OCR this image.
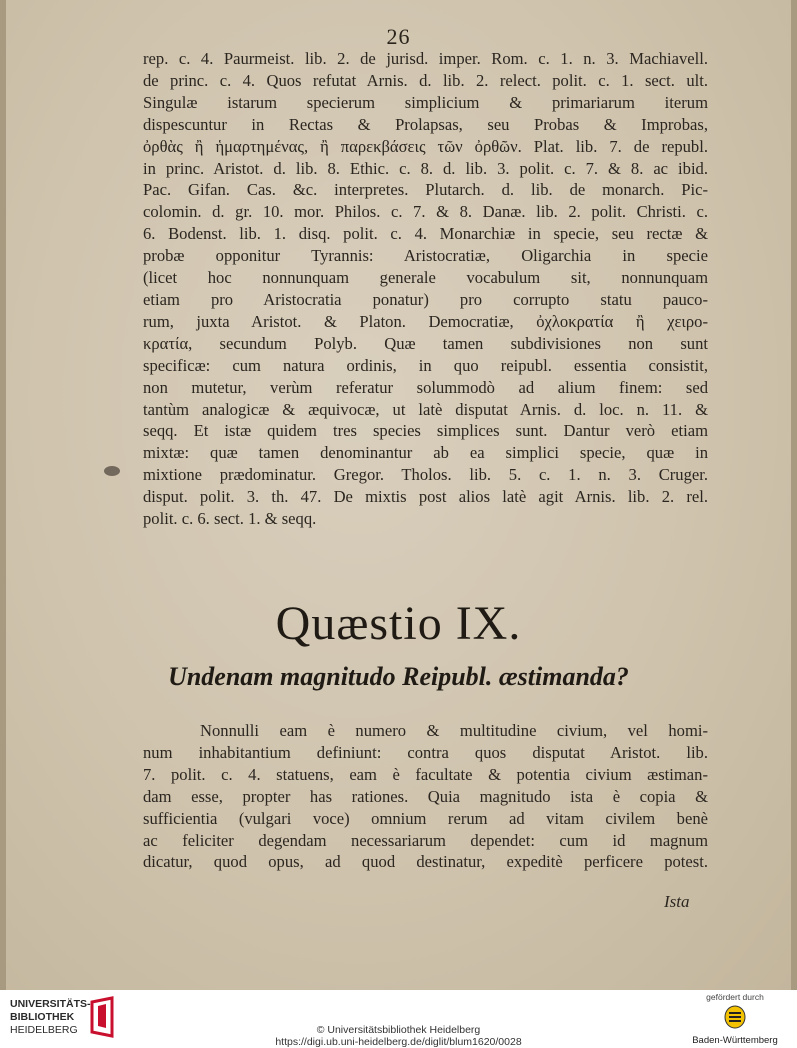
26
rep. c. 4. Paurmeist. lib. 2. de jurisd. imper. Rom. c. 1. n. 3. Machiavell.
de princ. c. 4. Quos refutat Arnis. d. lib. 2. relect. polit. c. 1. sect. ult.
Singulæ istarum specierum simplicium & primariarum iterum
dispescuntur in Rectas & Prolapsas, seu Probas & Improbas,
ὀρθὰς ἢ ἡμαρτημένας, ἢ παρεκβάσεις τῶν ὀρθῶν. Plat. lib. 7. de republ.
in princ. Aristot. d. lib. 8. Ethic. c. 8. d. lib. 3. polit. c. 7. & 8. ac ibid.
Pac. Gifan. Cas. &c. interpretes. Plutarch. d. lib. de monarch. Pic-
colomin. d. gr. 10. mor. Philos. c. 7. & 8. Danæ. lib. 2. polit. Christi. c.
6. Bodenst. lib. 1. disq. polit. c. 4. Monarchiæ in specie, seu rectæ &
probæ opponitur Tyrannis: Aristocratiæ, Oligarchia in specie
(licet hoc nonnunquam generale vocabulum sit, nonnunquam
etiam pro Aristocratia ponatur) pro corrupto statu pauco-
rum, juxta Aristot. & Platon. Democratiæ, ὀχλοκρατία ἢ χειρο-
κρατία, secundum Polyb. Quæ tamen subdivisiones non sunt
specificæ: cum natura ordinis, in quo reipubl. essentia consistit,
non mutetur, verùm referatur solummodò ad alium finem: sed
tantùm analogicæ & æquivocæ, ut latè disputat Arnis. d. loc. n. 11. &
seqq. Et istæ quidem tres species simplices sunt. Dantur verò etiam
mixtæ: quæ tamen denominantur ab ea simplici specie, quæ in
mixtione prædominatur. Gregor. Tholos. lib. 5. c. 1. n. 3. Cruger.
disput. polit. 3. th. 47. De mixtis post alios latè agit Arnis. lib. 2. rel.
polit. c. 6. sect. 1. & seqq.
Quæstio IX.
Undenam magnitudo Reipubl. æstimanda?
Nonnulli eam è numero & multitudine civium, vel homi-
num inhabitantium definiunt: contra quos disputat Aristot. lib.
7. polit. c. 4. statuens, eam è facultate & potentia civium æstiman-
dam esse, propter has rationes. Quia magnitudo ista è copia &
sufficientia (vulgari voce) omnium rerum ad vitam civilem benè
ac feliciter degendam necessariarum dependet: cum id magnum
dicatur, quod opus, ad quod destinatur, expeditè perficere potest.
Ista
UNIVERSITÄTS-
BIBLIOTHEK
HEIDELBERG	© Universitätsbibliothek Heidelberg
https://digi.ub.uni-heidelberg.de/diglit/blum1620/0028
gefördert durch
Baden-Württemberg
